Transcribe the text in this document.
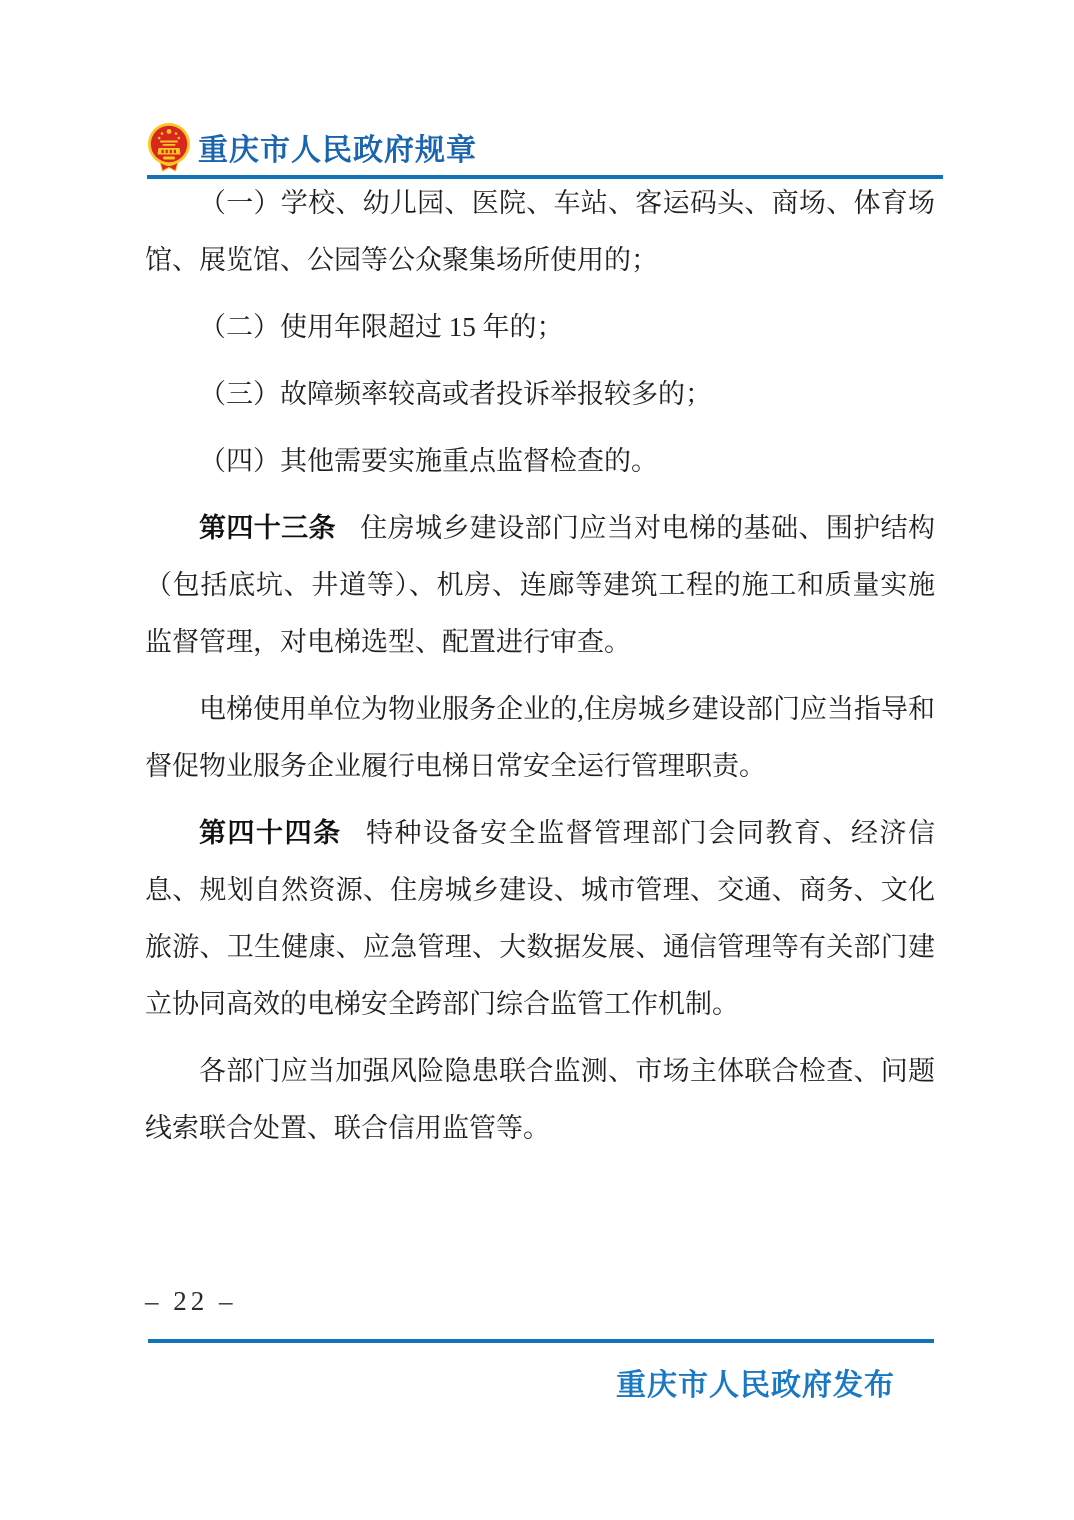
重庆市人民政府规章

（一）学校、幼儿园、医院、车站、客运码头、商场、体育场馆、展览馆、公园等公众聚集场所使用的；

（二）使用年限超过 15 年的；

（三）故障频率较高或者投诉举报较多的；

（四）其他需要实施重点监督检查的。

第四十三条 住房城乡建设部门应当对电梯的基础、围护结构（包括底坑、井道等）、机房、连廊等建筑工程的施工和质量实施监督管理，对电梯选型、配置进行审查。

电梯使用单位为物业服务企业的,住房城乡建设部门应当指导和督促物业服务企业履行电梯日常安全运行管理职责。

第四十四条 特种设备安全监督管理部门会同教育、经济信息、规划自然资源、住房城乡建设、城市管理、交通、商务、文化旅游、卫生健康、应急管理、大数据发展、通信管理等有关部门建立协同高效的电梯安全跨部门综合监管工作机制。

各部门应当加强风险隐患联合监测、市场主体联合检查、问题线索联合处置、联合信用监管等。

– 22 –
重庆市人民政府发布
